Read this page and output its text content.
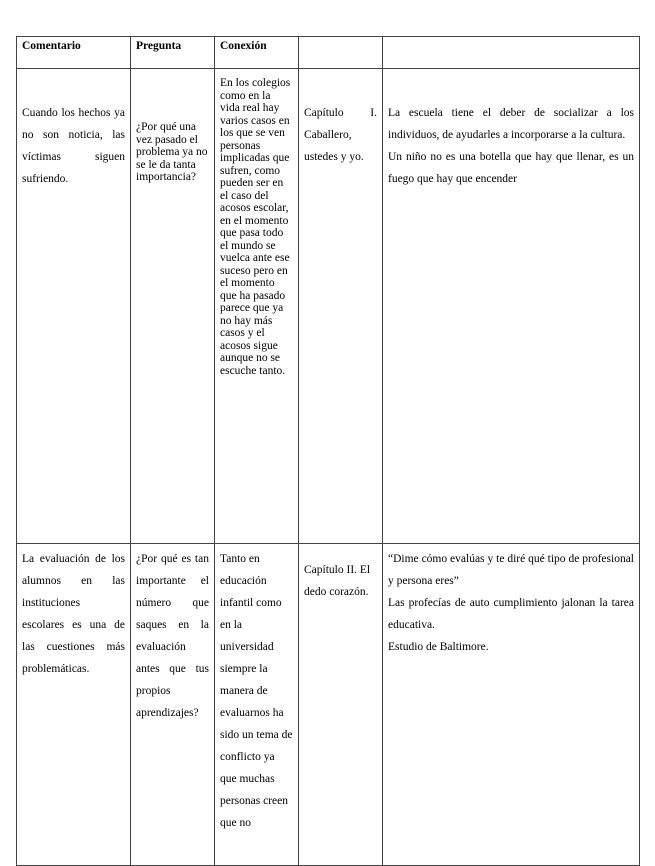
Comentario	Pregunta	Conexión		
Cuando los hechos ya no son noticia, las víctimas siguen sufriendo.	¿Por qué una vez pasado el problema ya no se le da tanta importancia?	En los colegios como en la vida real hay varios casos en los que se ven personas implicadas que sufren, como pueden ser en el caso del acosos escolar, en el momento que pasa todo el mundo se vuelca ante ese suceso pero en el momento que ha pasado parece que ya no hay más casos y el acosos sigue aunque no se escuche tanto.	Capítulo I. Caballero, ustedes y yo.	La escuela tiene el deber de socializar a los individuos, de ayudarles a incorporarse a la cultura.

Un niño no es una botella que hay que llenar, es un fuego que hay que encender

La evaluación de los alumnos en las instituciones escolares es una de las cuestiones más problemáticas.	¿Por qué es tan importante el número que saques en la evaluación antes que tus propios aprendizajes?	Tanto en educación infantil como en la universidad siempre la manera de evaluarnos ha sido un tema de conflicto ya que muchas personas creen que no	Capítulo II. El dedo corazón.	“Dime cómo evalúas y te diré qué tipo de profesional y persona eres”

Las profecías de auto cumplimiento jalonan la tarea educativa.

Estudio de Baltimore.
